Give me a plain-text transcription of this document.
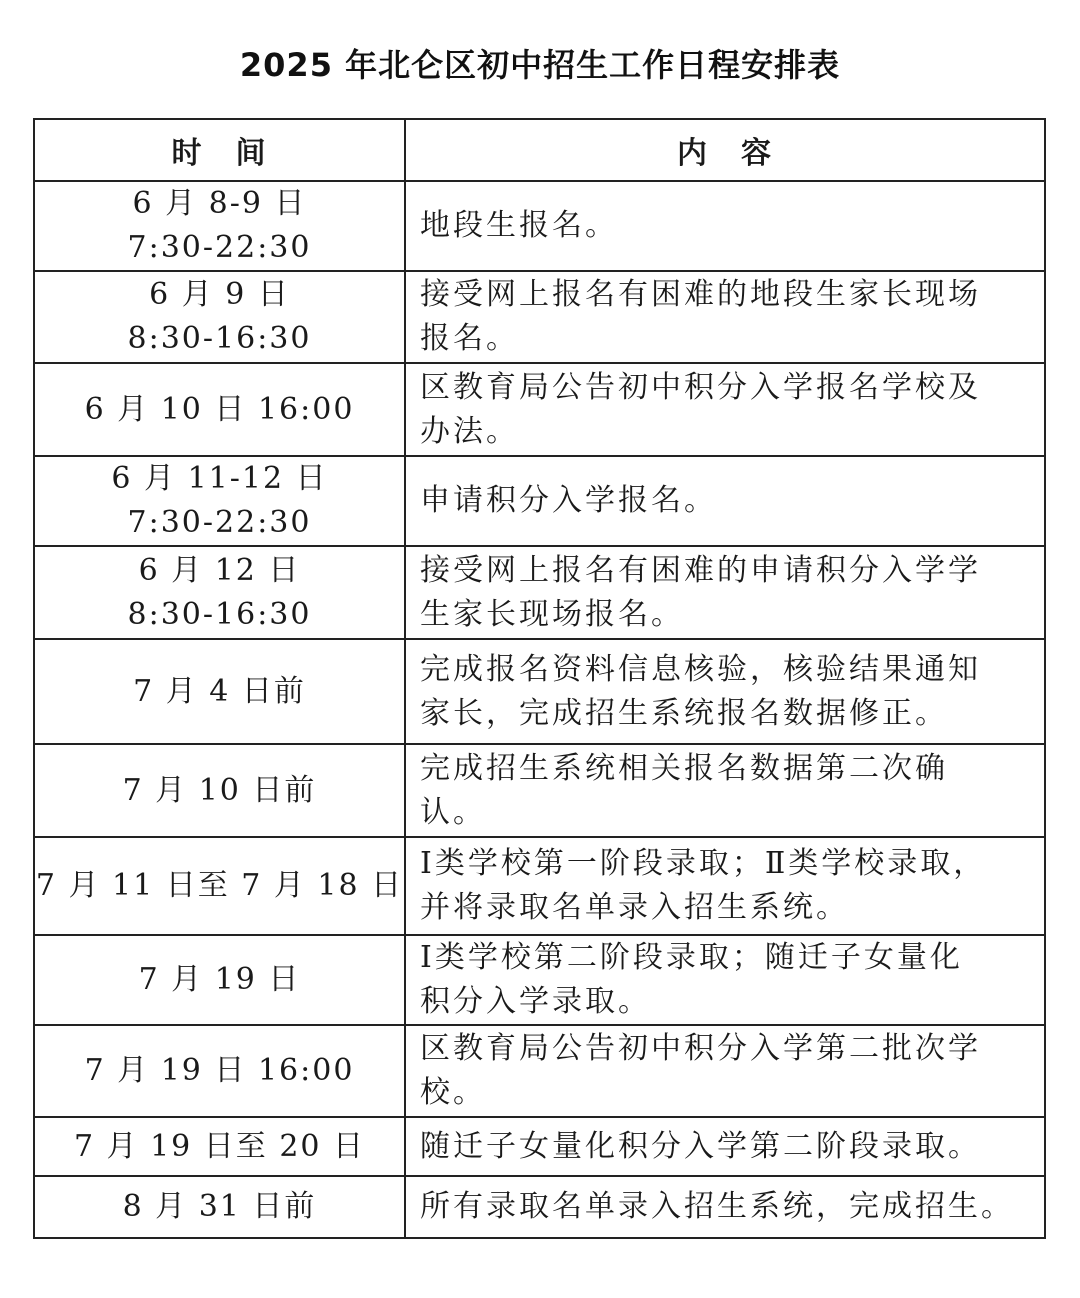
2025 年北仑区初中招生工作日程安排表
时　间	内　容

6 月 8-9 日
7:30-22:30	地段生报名。

6 月 9 日
8:30-16:30	接受网上报名有困难的地段生家长现场
报名。

6 月 10 日 16:00	区教育局公告初中积分入学报名学校及
办法。

6 月 11-12 日
7:30-22:30	申请积分入学报名。

6 月 12 日
8:30-16:30	接受网上报名有困难的申请积分入学学
生家长现场报名。

7 月 4 日前	完成报名资料信息核验，核验结果通知
家长，完成招生系统报名数据修正。

7 月 10 日前	完成招生系统相关报名数据第二次确
认。

7 月 11 日至 7 月 18 日	Ⅰ类学校第一阶段录取；Ⅱ类学校录取，
并将录取名单录入招生系统。

7 月 19 日	Ⅰ类学校第二阶段录取；随迁子女量化
积分入学录取。

7 月 19 日 16:00	区教育局公告初中积分入学第二批次学
校。

7 月 19 日至 20 日	随迁子女量化积分入学第二阶段录取。

8 月 31 日前	所有录取名单录入招生系统，完成招生。
